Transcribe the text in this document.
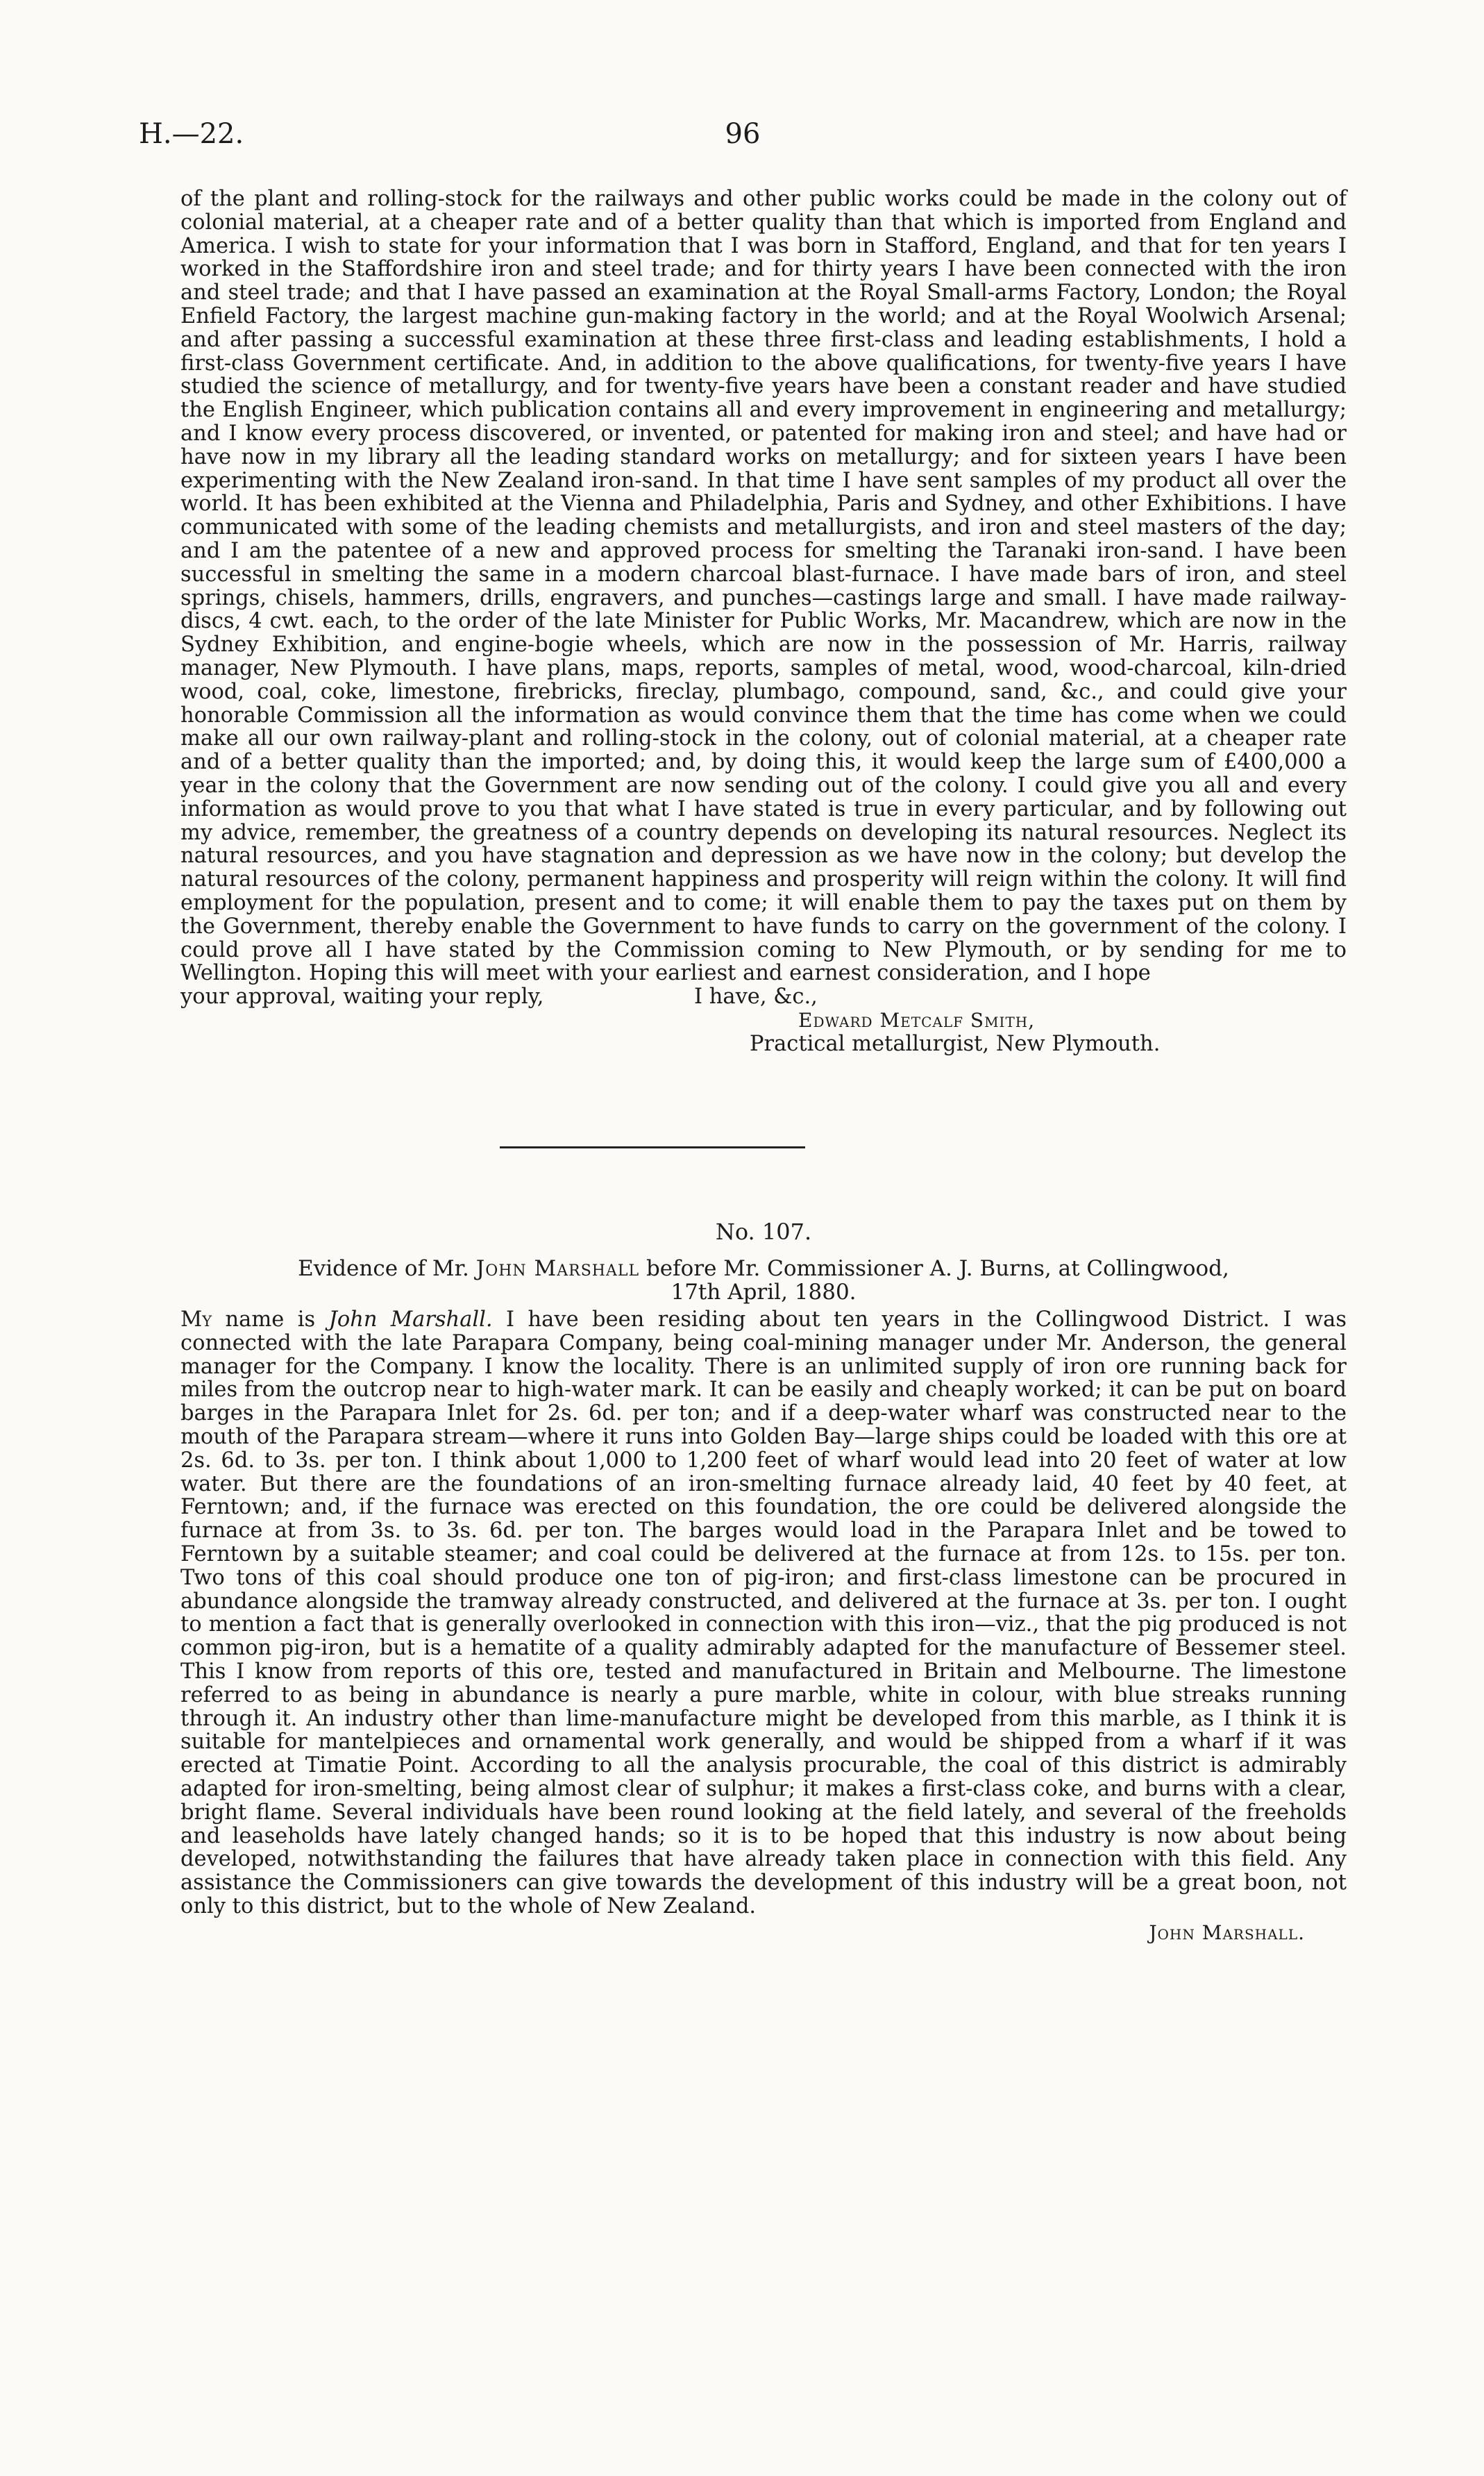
H.—22.	96

of the plant and rolling-stock for the railways and other public works could be made in the colony out of colonial material, at a cheaper rate and of a better quality than that which is imported from England and America. I wish to state for your information that I was born in Stafford, England, and that for ten years I worked in the Staffordshire iron and steel trade; and for thirty years I have been connected with the iron and steel trade; and that I have passed an examination at the Royal Small-arms Factory, London; the Royal Enfield Factory, the largest machine gun-making factory in the world; and at the Royal Woolwich Arsenal; and after passing a successful examination at these three first-class and leading establishments, I hold a first-class Government certificate. And, in addition to the above qualifications, for twenty-five years I have studied the science of metallurgy, and for twenty-five years have been a constant reader and have studied the English Engineer, which publication contains all and every improvement in engineering and metallurgy; and I know every process discovered, or invented, or patented for making iron and steel; and have had or have now in my library all the leading standard works on metallurgy; and for sixteen years I have been experimenting with the New Zealand iron-sand. In that time I have sent samples of my product all over the world. It has been exhibited at the Vienna and Philadelphia, Paris and Sydney, and other Exhibitions. I have communicated with some of the leading chemists and metallurgists, and iron and steel masters of the day; and I am the patentee of a new and approved process for smelting the Taranaki iron-sand. I have been successful in smelting the same in a modern charcoal blast-furnace. I have made bars of iron, and steel springs, chisels, hammers, drills, engravers, and punches—castings large and small. I have made railway-discs, 4 cwt. each, to the order of the late Minister for Public Works, Mr. Macandrew, which are now in the Sydney Exhibition, and engine-bogie wheels, which are now in the possession of Mr. Harris, railway manager, New Plymouth. I have plans, maps, reports, samples of metal, wood, wood-charcoal, kiln-dried wood, coal, coke, limestone, firebricks, fireclay, plumbago, compound, sand, &c., and could give your honorable Commission all the information as would convince them that the time has come when we could make all our own railway-plant and rolling-stock in the colony, out of colonial material, at a cheaper rate and of a better quality than the imported; and, by doing this, it would keep the large sum of £400,000 a year in the colony that the Government are now sending out of the colony. I could give you all and every information as would prove to you that what I have stated is true in every particular, and by following out my advice, remember, the greatness of a country depends on developing its natural resources. Neglect its natural resources, and you have stagnation and depression as we have now in the colony; but develop the natural resources of the colony, permanent happiness and prosperity will reign within the colony. It will find employment for the population, present and to come; it will enable them to pay the taxes put on them by the Government, thereby enable the Government to have funds to carry on the government of the colony. I could prove all I have stated by the Commission coming to New Plymouth, or by sending for me to Wellington. Hoping this will meet with your earliest and earnest consideration, and I hope

your approval, waiting your reply,	I have, &c.,
Edward Metcalf Smith,
Practical metallurgist, New Plymouth.
No. 107.
Evidence of Mr. John Marshall before Mr. Commissioner A. J. Burns, at Collingwood,
17th April, 1880.

My name is John Marshall. I have been residing about ten years in the Collingwood District. I was connected with the late Parapara Company, being coal-mining manager under Mr. Anderson, the general manager for the Company. I know the locality. There is an unlimited supply of iron ore running back for miles from the outcrop near to high-water mark. It can be easily and cheaply worked; it can be put on board barges in the Parapara Inlet for 2s. 6d. per ton; and if a deep-water wharf was constructed near to the mouth of the Parapara stream—where it runs into Golden Bay—large ships could be loaded with this ore at 2s. 6d. to 3s. per ton. I think about 1,000 to 1,200 feet of wharf would lead into 20 feet of water at low water. But there are the foundations of an iron-smelting furnace already laid, 40 feet by 40 feet, at Ferntown; and, if the furnace was erected on this foundation, the ore could be delivered alongside the furnace at from 3s. to 3s. 6d. per ton. The barges would load in the Parapara Inlet and be towed to Ferntown by a suitable steamer; and coal could be delivered at the furnace at from 12s. to 15s. per ton. Two tons of this coal should produce one ton of pig-iron; and first-class limestone can be procured in abundance alongside the tramway already constructed, and delivered at the furnace at 3s. per ton. I ought to mention a fact that is generally overlooked in connection with this iron—viz., that the pig produced is not common pig-iron, but is a hematite of a quality admirably adapted for the manufacture of Bessemer steel. This I know from reports of this ore, tested and manufactured in Britain and Melbourne. The limestone referred to as being in abundance is nearly a pure marble, white in colour, with blue streaks running through it. An industry other than lime-manufacture might be developed from this marble, as I think it is suitable for mantelpieces and ornamental work generally, and would be shipped from a wharf if it was erected at Timatie Point. According to all the analysis procurable, the coal of this district is admirably adapted for iron-smelting, being almost clear of sulphur; it makes a first-class coke, and burns with a clear, bright flame. Several individuals have been round looking at the field lately, and several of the freeholds and leaseholds have lately changed hands; so it is to be hoped that this industry is now about being developed, notwithstanding the failures that have already taken place in connection with this field. Any assistance the Commissioners can give towards the development of this industry will be a great boon, not only to this district, but to the whole of New Zealand.

John Marshall.
